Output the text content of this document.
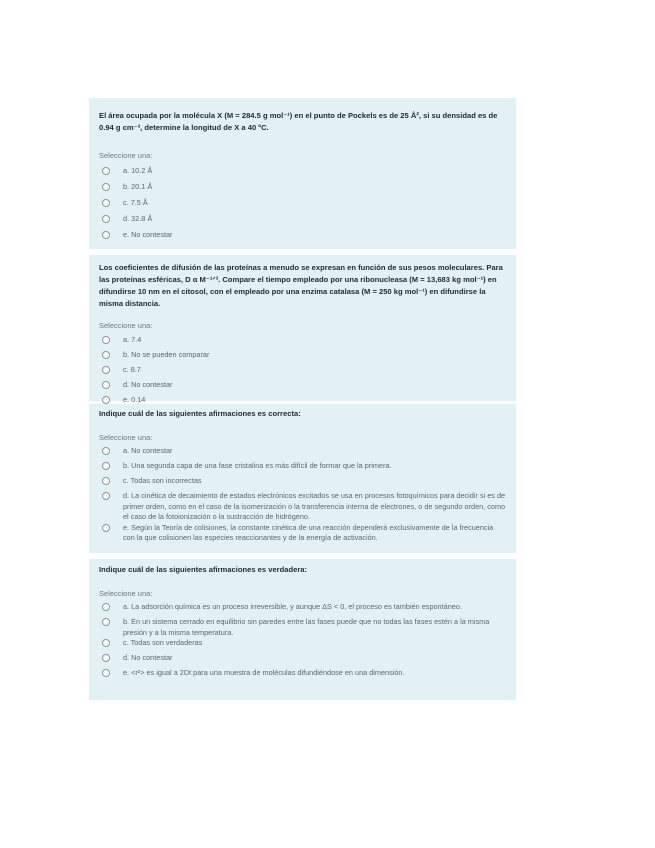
El área ocupada por la molécula X (M = 284.5 g mol⁻¹) en el punto de Pockels es de 25 Å², si su densidad es de 0.94 g cm⁻³, determine la longitud de X a 40 ºC.

Seleccione una:
a. 10.2 Å
b. 20.1 Å
c. 7.5 Å
d. 32.8 Å
e. No contestar

Los coeficientes de difusión de las proteínas a menudo se expresan en función de sus pesos moleculares. Para las proteínas esféricas, D α M⁻¹ᐟ³. Compare el tiempo empleado por una ribonucleasa (M = 13,683 kg mol⁻¹) en difundirse 10 nm en el citosol, con el empleado por una enzima catalasa (M = 250 kg mol⁻¹) en difundirse la misma distancia.

Seleccione una:
a. 7.4
b. No se pueden comparar
c. 8.7
d. No contestar
e. 0.14

Indique cuál de las siguientes afirmaciones es correcta:

Seleccione una:
a. No contestar
b. Una segunda capa de una fase cristalina es más difícil de formar que la primera.
c. Todas son incorrectas
d. La cinética de decaimiento de estados electrónicos excitados se usa en procesos fotoquímicos para decidir si es de primer orden, como en el caso de la isomerización o la transferencia interna de electrones, o de segundo orden, como el caso de la fotoionización o la sustracción de hidrógeno.
e. Según la Teoría de colisiones, la constante cinética de una reacción dependerá exclusivamente de la frecuencia con la que colisionen las especies reaccionantes y de la energía de activación.

Indique cuál de las siguientes afirmaciones es verdadera:

Seleccione una:
a. La adsorción química es un proceso irreversible, y aunque ΔS < 0, el proceso es también espontáneo.
b. En un sistema cerrado en equilibrio sin paredes entre las fases puede que no todas las fases estén a la misma presión y a la misma temperatura.
c. Todas son verdaderas
d. No contestar
e. <r²> es igual a 2Dt para una muestra de moléculas difundiéndose en una dimensión.
